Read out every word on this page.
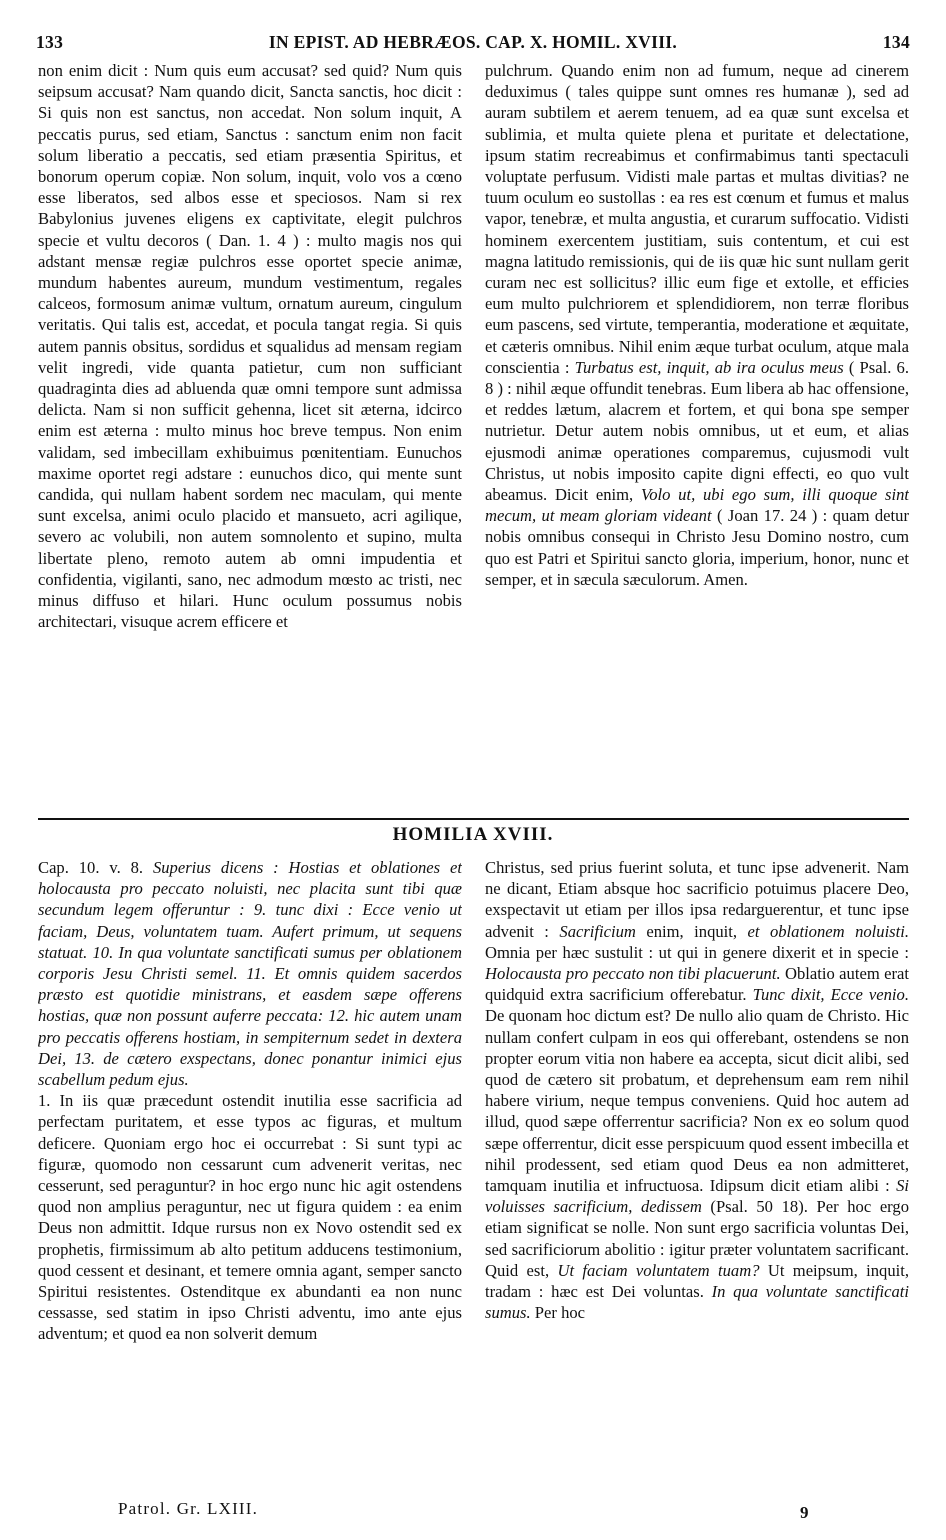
133	IN EPIST. AD HEBRÆOS. CAP. X. HOMIL. XVIII.	134

non enim dicit : Num quis eum accusat? sed quid? Num quis seipsum accusat? Nam quando dicit, Sancta sanctis, hoc dicit : Si quis non est sanctus, non accedat. Non solum inquit, A peccatis purus, sed etiam, Sanctus : sanctum enim non facit solum liberatio a peccatis, sed etiam præsentia Spiritus, et bonorum operum copiæ. Non solum, inquit, volo vos a cœno esse liberatos, sed albos esse et speciosos. Nam si rex Babylonius juvenes eligens ex captivitate, elegit pulchros specie et vultu decoros ( Dan. 1. 4 ) : multo magis nos qui adstant mensæ regiæ pulchros esse oportet specie animæ, mundum habentes aureum, mundum vestimentum, regales calceos, formosum animæ vultum, ornatum aureum, cingulum veritatis. Qui talis est, accedat, et pocula tangat regia. Si quis autem pannis obsitus, sordidus et squalidus ad mensam regiam velit ingredi, vide quanta patietur, cum non sufficiant quadraginta dies ad abluenda quæ omni tempore sunt admissa delicta. Nam si non sufficit gehenna, licet sit æterna, idcirco enim est æterna : multo minus hoc breve tempus. Non enim validam, sed imbecillam exhibuimus pœnitentiam. Eunuchos maxime oportet regi adstare : eunuchos dico, qui mente sunt candida, qui nullam habent sordem nec maculam, qui mente sunt excelsa, animi oculo placido et mansueto, acri agilique, severo ac volubili, non autem somnolento et supino, multa libertate pleno, remoto autem ab omni impudentia et confidentia, vigilanti, sano, nec admodum mœsto ac tristi, nec minus diffuso et hilari. Hunc oculum possumus nobis architectari, visuque acrem efficere et

pulchrum. Quando enim non ad fumum, neque ad cinerem deduximus ( tales quippe sunt omnes res humanæ ), sed ad auram subtilem et aerem tenuem, ad ea quæ sunt excelsa et sublimia, et multa quiete plena et puritate et delectatione, ipsum statim recreabimus et confirmabimus tanti spectaculi voluptate perfusum. Vidisti male partas et multas divitias? ne tuum oculum eo sustollas : ea res est cœnum et fumus et malus vapor, tenebræ, et multa angustia, et curarum suffocatio. Vidisti hominem exercentem justitiam, suis contentum, et cui est magna latitudo remissionis, qui de iis quæ hic sunt nullam gerit curam nec est sollicitus? illic eum fige et extolle, et efficies eum multo pulchriorem et splendidiorem, non terræ floribus eum pascens, sed virtute, temperantia, moderatione et æquitate, et cæteris omnibus. Nihil enim æque turbat oculum, atque mala conscientia : Turbatus est, inquit, ab ira oculus meus ( Psal. 6. 8 ) : nihil æque offundit tenebras. Eum libera ab hac offensione, et reddes lætum, alacrem et fortem, et qui bona spe semper nutrietur. Detur autem nobis omnibus, ut et eum, et alias ejusmodi animæ operationes comparemus, cujusmodi vult Christus, ut nobis imposito capite digni effecti, eo quo vult abeamus. Dicit enim, Volo ut, ubi ego sum, illi quoque sint mecum, ut meam gloriam videant ( Joan 17. 24 ) : quam detur nobis omnibus consequi in Christo Jesu Domino nostro, cum quo est Patri et Spiritui sancto gloria, imperium, honor, nunc et semper, et in sæcula sæculorum. Amen.

HOMILIA XVIII.

Cap. 10. v. 8. Superius dicens : Hostias et oblationes et holocausta pro peccato noluisti, nec placita sunt tibi quæ secundum legem offeruntur : 9. tunc dixi : Ecce venio ut faciam, Deus, voluntatem tuam. Aufert primum, ut sequens statuat. 10. In qua voluntate sanctificati sumus per oblationem corporis Jesu Christi semel. 11. Et omnis quidem sacerdos præsto est quotidie ministrans, et easdem sæpe offerens hostias, quæ non possunt auferre peccata: 12. hic autem unam pro peccatis offerens hostiam, in sempiternum sedet in dextera Dei, 13. de cætero exspectans, donec ponantur inimici ejus scabellum pedum ejus.

1. In iis quæ præcedunt ostendit inutilia esse sacrificia ad perfectam puritatem, et esse typos ac figuras, et multum deficere. Quoniam ergo hoc ei occurrebat : Si sunt typi ac figuræ, quomodo non cessarunt cum advenerit veritas, nec cesserunt, sed peraguntur? in hoc ergo nunc hic agit ostendens quod non amplius peraguntur, nec ut figura quidem : ea enim Deus non admittit. Idque rursus non ex Novo ostendit sed ex prophetis, firmissimum ab alto petitum adducens testimonium, quod cessent et desinant, et temere omnia agant, semper sancto Spiritui resistentes. Ostenditque ex abundanti ea non nunc cessasse, sed statim in ipso Christi adventu, imo ante ejus adventum; et quod ea non solverit demum

Christus, sed prius fuerint soluta, et tunc ipse advenerit. Nam ne dicant, Etiam absque hoc sacrificio potuimus placere Deo, exspectavit ut etiam per illos ipsa redarguerentur, et tunc ipse advenit : Sacrificium enim, inquit, et oblationem noluisti. Omnia per hæc sustulit : ut qui in genere dixerit et in specie : Holocausta pro peccato non tibi placuerunt. Oblatio autem erat quidquid extra sacrificium offerebatur. Tunc dixit, Ecce venio. De quonam hoc dictum est? De nullo alio quam de Christo. Hic nullam confert culpam in eos qui offerebant, ostendens se non propter eorum vitia non habere ea accepta, sicut dicit alibi, sed quod de cætero sit probatum, et deprehensum eam rem nihil habere virium, neque tempus conveniens. Quid hoc autem ad illud, quod sæpe offerrentur sacrificia? Non ex eo solum quod sæpe offerrentur, dicit esse perspicuum quod essent imbecilla et nihil prodessent, sed etiam quod Deus ea non admitteret, tamquam inutilia et infructuosa. Idipsum dicit etiam alibi : Si voluisses sacrificium, dedissem (Psal. 50 18). Per hoc ergo etiam significat se nolle. Non sunt ergo sacrificia voluntas Dei, sed sacrificiorum abolitio : igitur præter voluntatem sacrificant. Quid est, Ut faciam voluntatem tuam? Ut meipsum, inquit, tradam : hæc est Dei voluntas. In qua voluntate sanctificati sumus. Per hoc

Patrol. Gr. LXIII.	9
